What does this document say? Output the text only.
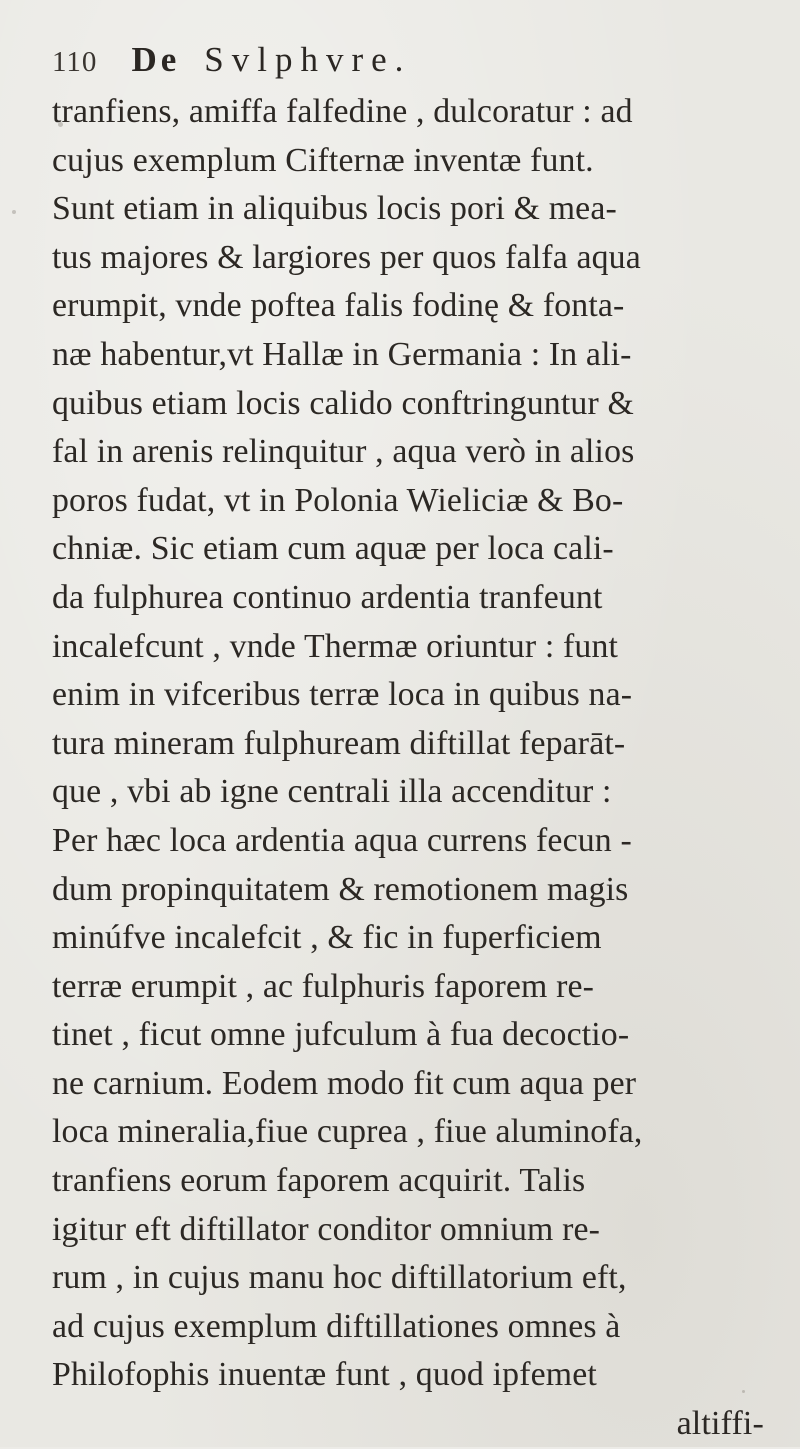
110 De Svlphvre.
tranfiens, amiffa falfedine , dulcoratur : ad
cujus exemplum Cifternæ inventæ funt.
Sunt etiam in aliquibus locis pori & mea-
tus majores & largiores per quos falfa aqua
erumpit, vnde poftea falis fodinę & fonta-
næ habentur,vt Hallæ in Germania : In ali-
quibus etiam locis calido conftringuntur &
fal in arenis relinquitur , aqua verò in alios
poros fudat, vt in Polonia Wieliciæ & Bo-
chniæ. Sic etiam cum aquæ per loca cali-
da fulphurea continuo ardentia tranfeunt
incalefcunt , vnde Thermæ oriuntur : funt
enim in vifceribus terræ loca in quibus na-
tura mineram fulphuream diftillat feparāt-
que , vbi ab igne centrali illa accenditur :
Per hæc loca ardentia aqua currens fecun -
dum propinquitatem & remotionem magis
minúfve incalefcit , & fic in fuperficiem
terræ erumpit , ac fulphuris faporem re-
tinet , ficut omne jufculum à fua decoctio-
ne carnium. Eodem modo fit cum aqua per
loca mineralia,fiue cuprea , fiue aluminofa,
tranfiens eorum faporem acquirit. Talis
igitur eft diftillator conditor omnium re-
rum , in cujus manu hoc diftillatorium eft,
ad cujus exemplum diftillationes omnes à
Philofophis inuentæ funt , quod ipfemet
altiffi-
